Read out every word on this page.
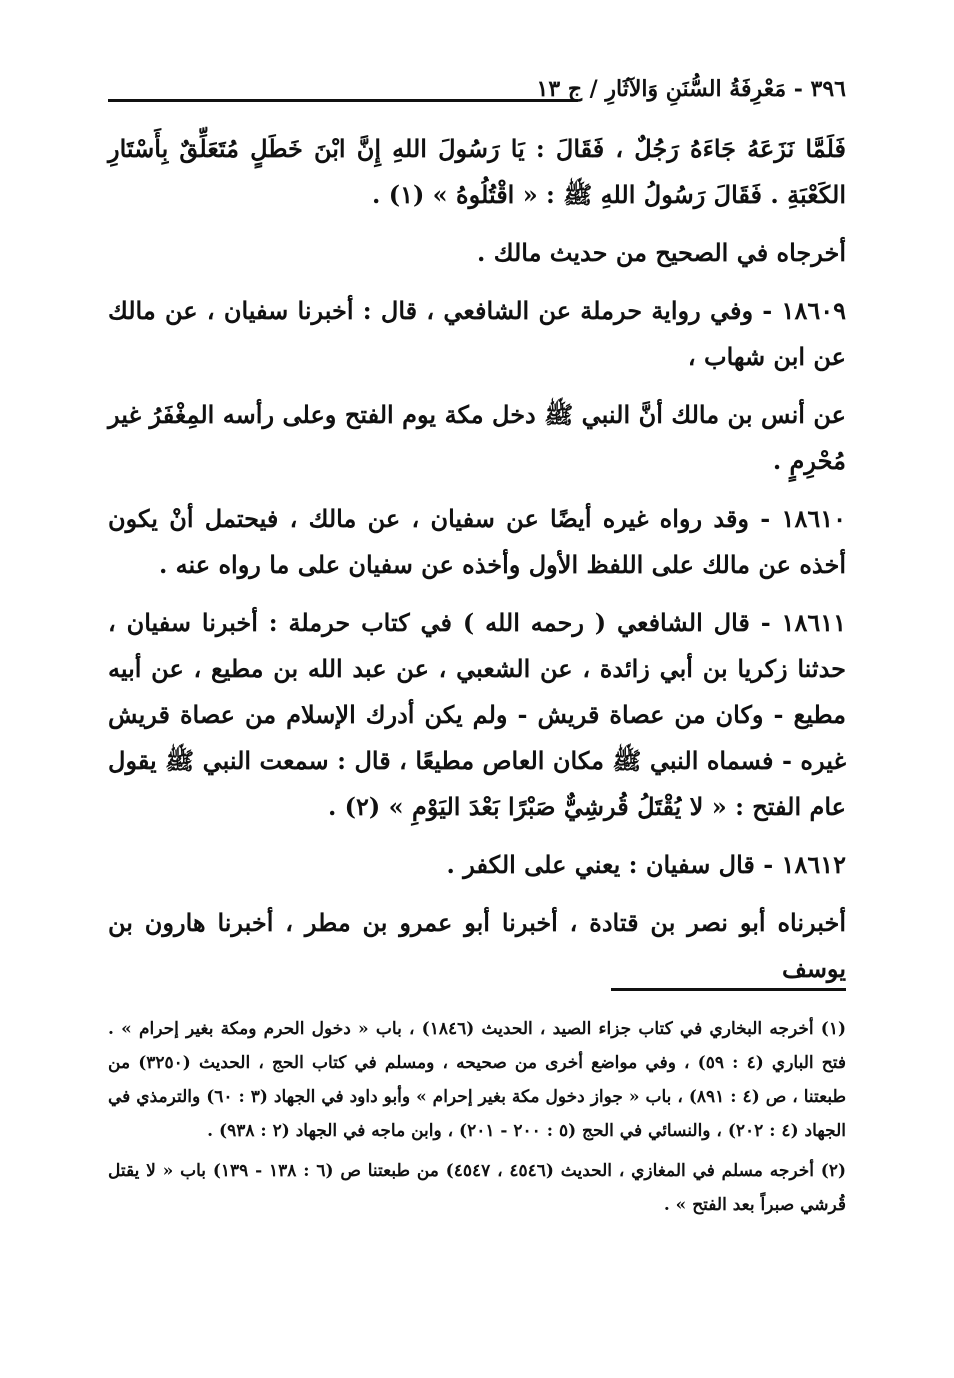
٣٩٦ - مَعْرِفَةُ السُّنَنِ وَالآثَارِ / ج ١٣

فَلَمَّا نَزَعَهُ جَاءَهُ رَجُلٌ ، فَقَالَ : يَا رَسُولَ اللهِ إِنَّ ابْنَ خَطَلٍ مُتَعَلِّقٌ بِأَسْتَارِ الكَعْبَةِ . فَقَالَ رَسُولُ اللهِ ﷺ : « اقْتُلُوهُ » (١) .

أخرجاه في الصحيح من حديث مالك .

١٨٦٠٩ - وفي رواية حرملة عن الشافعي ، قال : أخبرنا سفيان ، عن مالك عن ابن شهاب ،

عن أنس بن مالك أنَّ النبي ﷺ دخل مكة يوم الفتح وعلى رأسه المِغْفَرُ غير مُحْرِمٍ .

١٨٦١٠ - وقد رواه غيره أيضًا عن سفيان ، عن مالك ، فيحتمل أنْ يكون أخذه عن مالك على اللفظ الأول وأخذه عن سفيان على ما رواه عنه .

١٨٦١١ - قال الشافعي ( رحمه الله ) في كتاب حرملة : أخبرنا سفيان ، حدثنا زكريا بن أبي زائدة ، عن الشعبي ، عن عبد الله بن مطيع ، عن أبيه مطيع - وكان من عصاة قريش - ولم يكن أدرك الإسلام من عصاة قريش غيره - فسماه النبي ﷺ مكان العاص مطيعًا ، قال : سمعت النبي ﷺ يقول عام الفتح : « لا يُقْتَلُ قُرشِيٌّ صَبْرًا بَعْدَ اليَوْمِ » (٢) .

١٨٦١٢ - قال سفيان : يعني على الكفر .

أخبرناه أبو نصر بن قتادة ، أخبرنا أبو عمرو بن مطر ، أخبرنا هارون بن يوسف

(١) أخرجه البخاري في كتاب جزاء الصيد ، الحديث (١٨٤٦) ، باب « دخول الحرم ومكة بغير إحرام » . فتح الباري (٤ : ٥٩) ، وفي مواضع أخرى من صحيحه ، ومسلم في كتاب الحج ، الحديث (٣٢٥٠) من طبعتنا ، ص (٤ : ٨٩١) ، باب « جواز دخول مكة بغير إحرام » وأبو داود في الجهاد (٣ : ٦٠) والترمذي في الجهاد (٤ : ٢٠٢) ، والنسائي في الحج (٥ : ٢٠٠ - ٢٠١) ، وابن ماجه في الجهاد (٢ : ٩٣٨) .

(٢) أخرجه مسلم في المغازي ، الحديث (٤٥٤٦ ، ٤٥٤٧) من طبعتنا ص (٦ : ١٣٨ - ١٣٩) باب « لا يقتل قُرشي صبراً بعد الفتح » .
